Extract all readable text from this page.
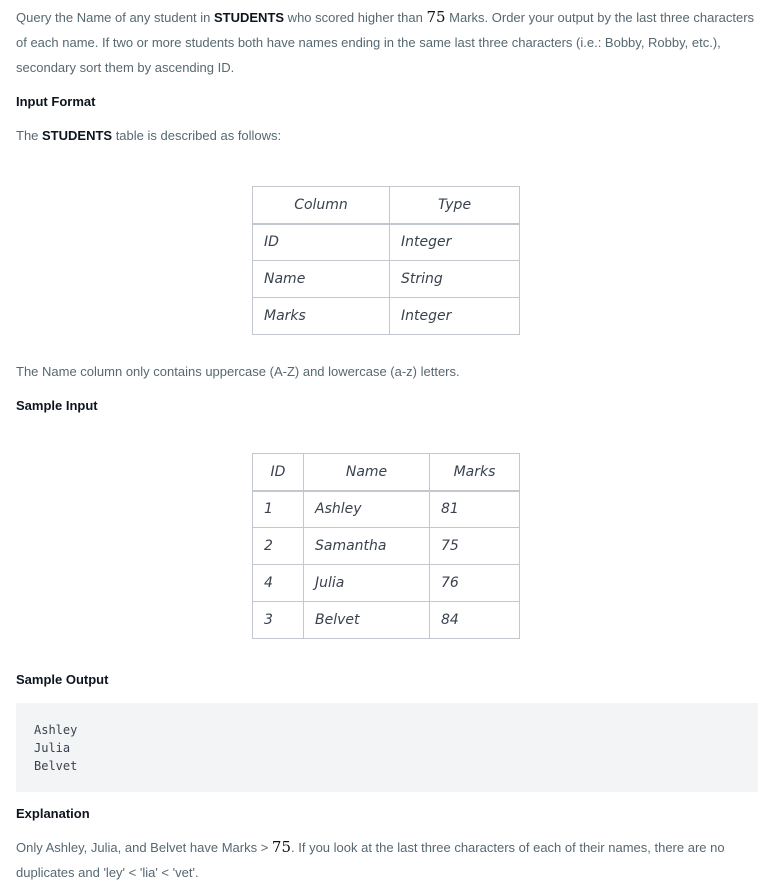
Query the Name of any student in STUDENTS who scored higher than 75 Marks. Order your output by the last three characters of each name. If two or more students both have names ending in the same last three characters (i.e.: Bobby, Robby, etc.), secondary sort them by ascending ID.

Input Format

The STUDENTS table is described as follows:

Column	Type
ID	Integer
Name	String
Marks	Integer

The Name column only contains uppercase (A-Z) and lowercase (a-z) letters.

Sample Input
ID	Name	Marks
1	Ashley	81
2	Samantha	75
4	Julia	76
3	Belvet	84
Sample Output
Ashley
Julia
Belvet
Explanation

Only Ashley, Julia, and Belvet have Marks > 75. If you look at the last three characters of each of their names, there are no duplicates and 'ley' < 'lia' < 'vet'.
